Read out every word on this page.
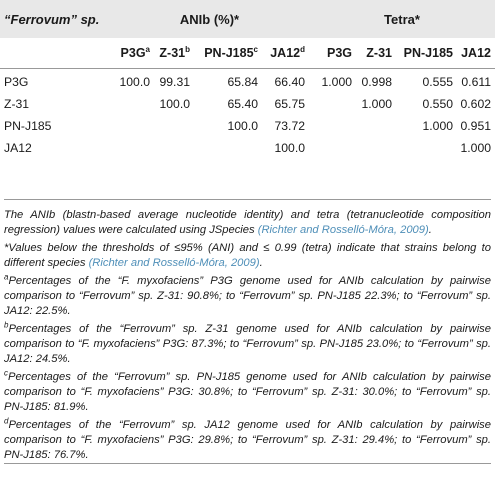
“Ferrovum” sp.	ANIb (%)*				Tetra*			
	$P3G^a$	Z-31$^b$	PN-J185$^c$	JA12$^d$	P3G	Z-31	PN-J185	JA12
P3G	100.0	99.31	65.84	66.40	1.000	0.998	0.555	0.611
Z-31		100.0	65.40	65.75		1.000	0.550	0.602
PN-J185			100.0	73.72			1.000	0.951
JA12				100.0				1.000

The ANIb (blastn-based average nucleotide identity) and tetra (tetranucleotide composition regression) values were calculated using JSpecies (Richter and Rosselló-Móra, 2009).

*Values below the thresholds of ≤95% (ANI) and ≤ 0.99 (tetra) indicate that strains belong to different species (Richter and Rosselló-Móra, 2009).

$^a$Percentages of the “F. myxofaciens” P3G genome used for ANIb calculation by pairwise comparison to “Ferrovum” sp. Z-31: 90.8%; to “Ferrovum” sp. PN-J185 22.3%; to “Ferrovum” sp. JA12: 22.5%.

$^b$Percentages of the “Ferrovum” sp. Z-31 genome used for ANIb calculation by pairwise comparison to “F. myxofaciens” P3G: 87.3%; to “Ferrovum” sp. PN-J185 23.0%; to “Ferrovum” sp. JA12: 24.5%.

$^c$Percentages of the “Ferrovum” sp. PN-J185 genome used for ANIb calculation by pairwise comparison to “F. myxofaciens” P3G: 30.8%; to “Ferrovum” sp. Z-31: 30.0%; to “Ferrovum” sp. PN-J185: 81.9%.

$^d$Percentages of the “Ferrovum” sp. JA12 genome used for ANIb calculation by pairwise comparison to “F. myxofaciens” P3G: 29.8%; to “Ferrovum” sp. Z-31: 29.4%; to “Ferrovum” sp. PN-J185: 76.7%.
